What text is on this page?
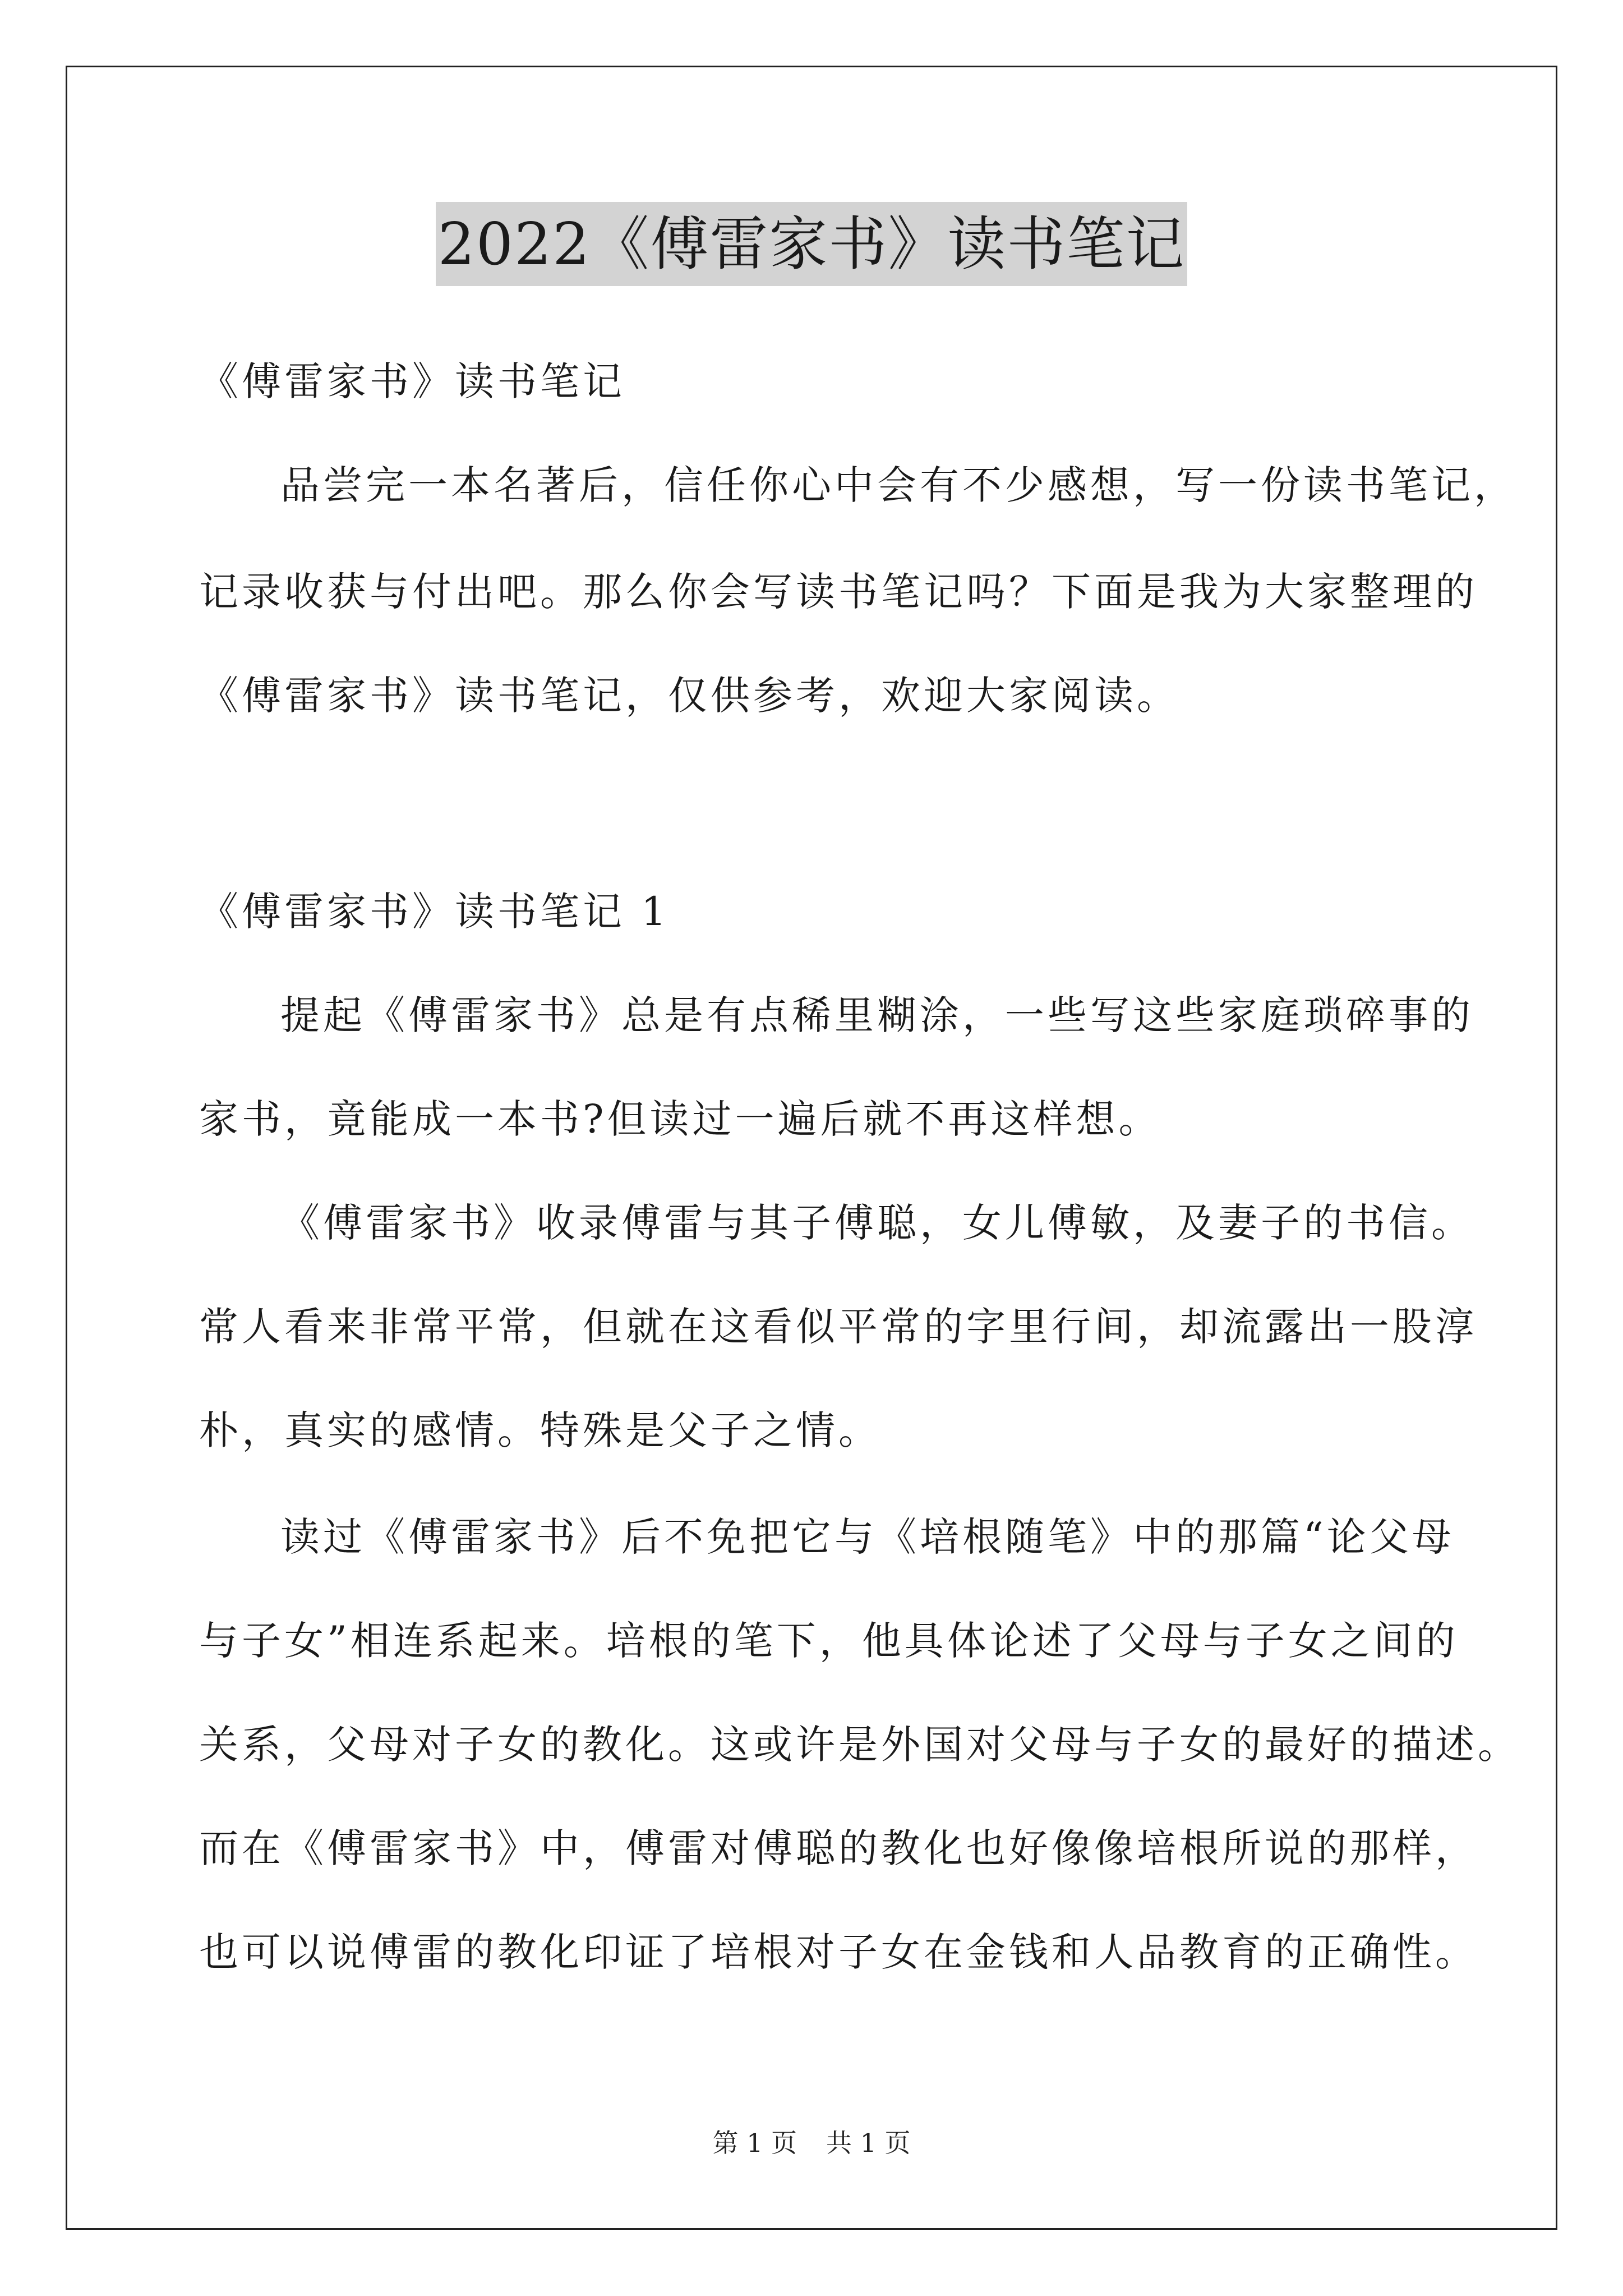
2022《傅雷家书》读书笔记
《傅雷家书》读书笔记
品尝完一本名著后，信任你心中会有不少感想，写一份读书笔记，
记录收获与付出吧。那么你会写读书笔记吗？下面是我为大家整理的
《傅雷家书》读书笔记，仅供参考，欢迎大家阅读。
《傅雷家书》读书笔记 1
提起《傅雷家书》总是有点稀里糊涂，一些写这些家庭琐碎事的
家书，竟能成一本书?但读过一遍后就不再这样想。
《傅雷家书》收录傅雷与其子傅聪，女儿傅敏，及妻子的书信。
常人看来非常平常，但就在这看似平常的字里行间，却流露出一股淳
朴，真实的感情。特殊是父子之情。
读过《傅雷家书》后不免把它与《培根随笔》中的那篇“论父母
与子女”相连系起来。培根的笔下，他具体论述了父母与子女之间的
关系，父母对子女的教化。这或许是外国对父母与子女的最好的描述。
而在《傅雷家书》中，傅雷对傅聪的教化也好像像培根所说的那样，
也可以说傅雷的教化印证了培根对子女在金钱和人品教育的正确性。
第 1 页 共 1 页
